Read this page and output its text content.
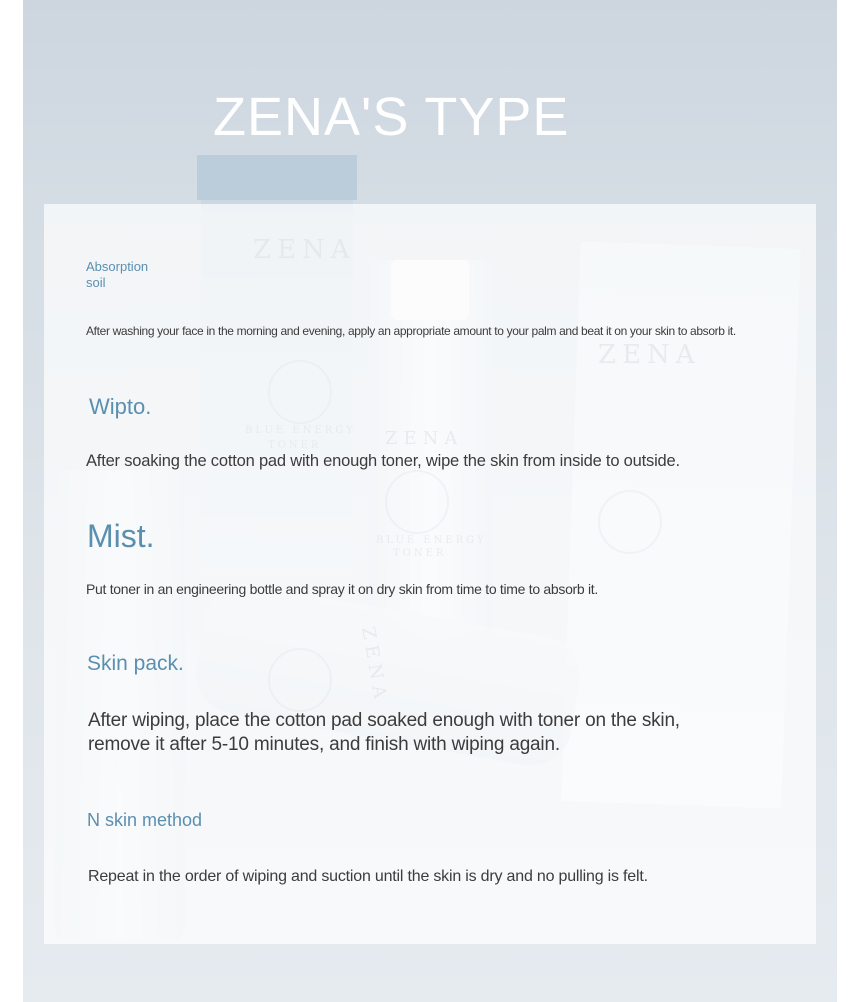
ZENA'S TYPE
Absorption
soil
After washing your face in the morning and evening, apply an appropriate amount to your palm and beat it on your skin to absorb it.
Wipto.
After soaking the cotton pad with enough toner, wipe the skin from inside to outside.
Mist.
Put toner in an engineering bottle and spray it on dry skin from time to time to absorb it.
Skin pack.
After wiping, place the cotton pad soaked enough with toner on the skin,
remove it after 5-10 minutes, and finish with wiping again.
N skin method
Repeat in the order of wiping and suction until the skin is dry and no pulling is felt.
